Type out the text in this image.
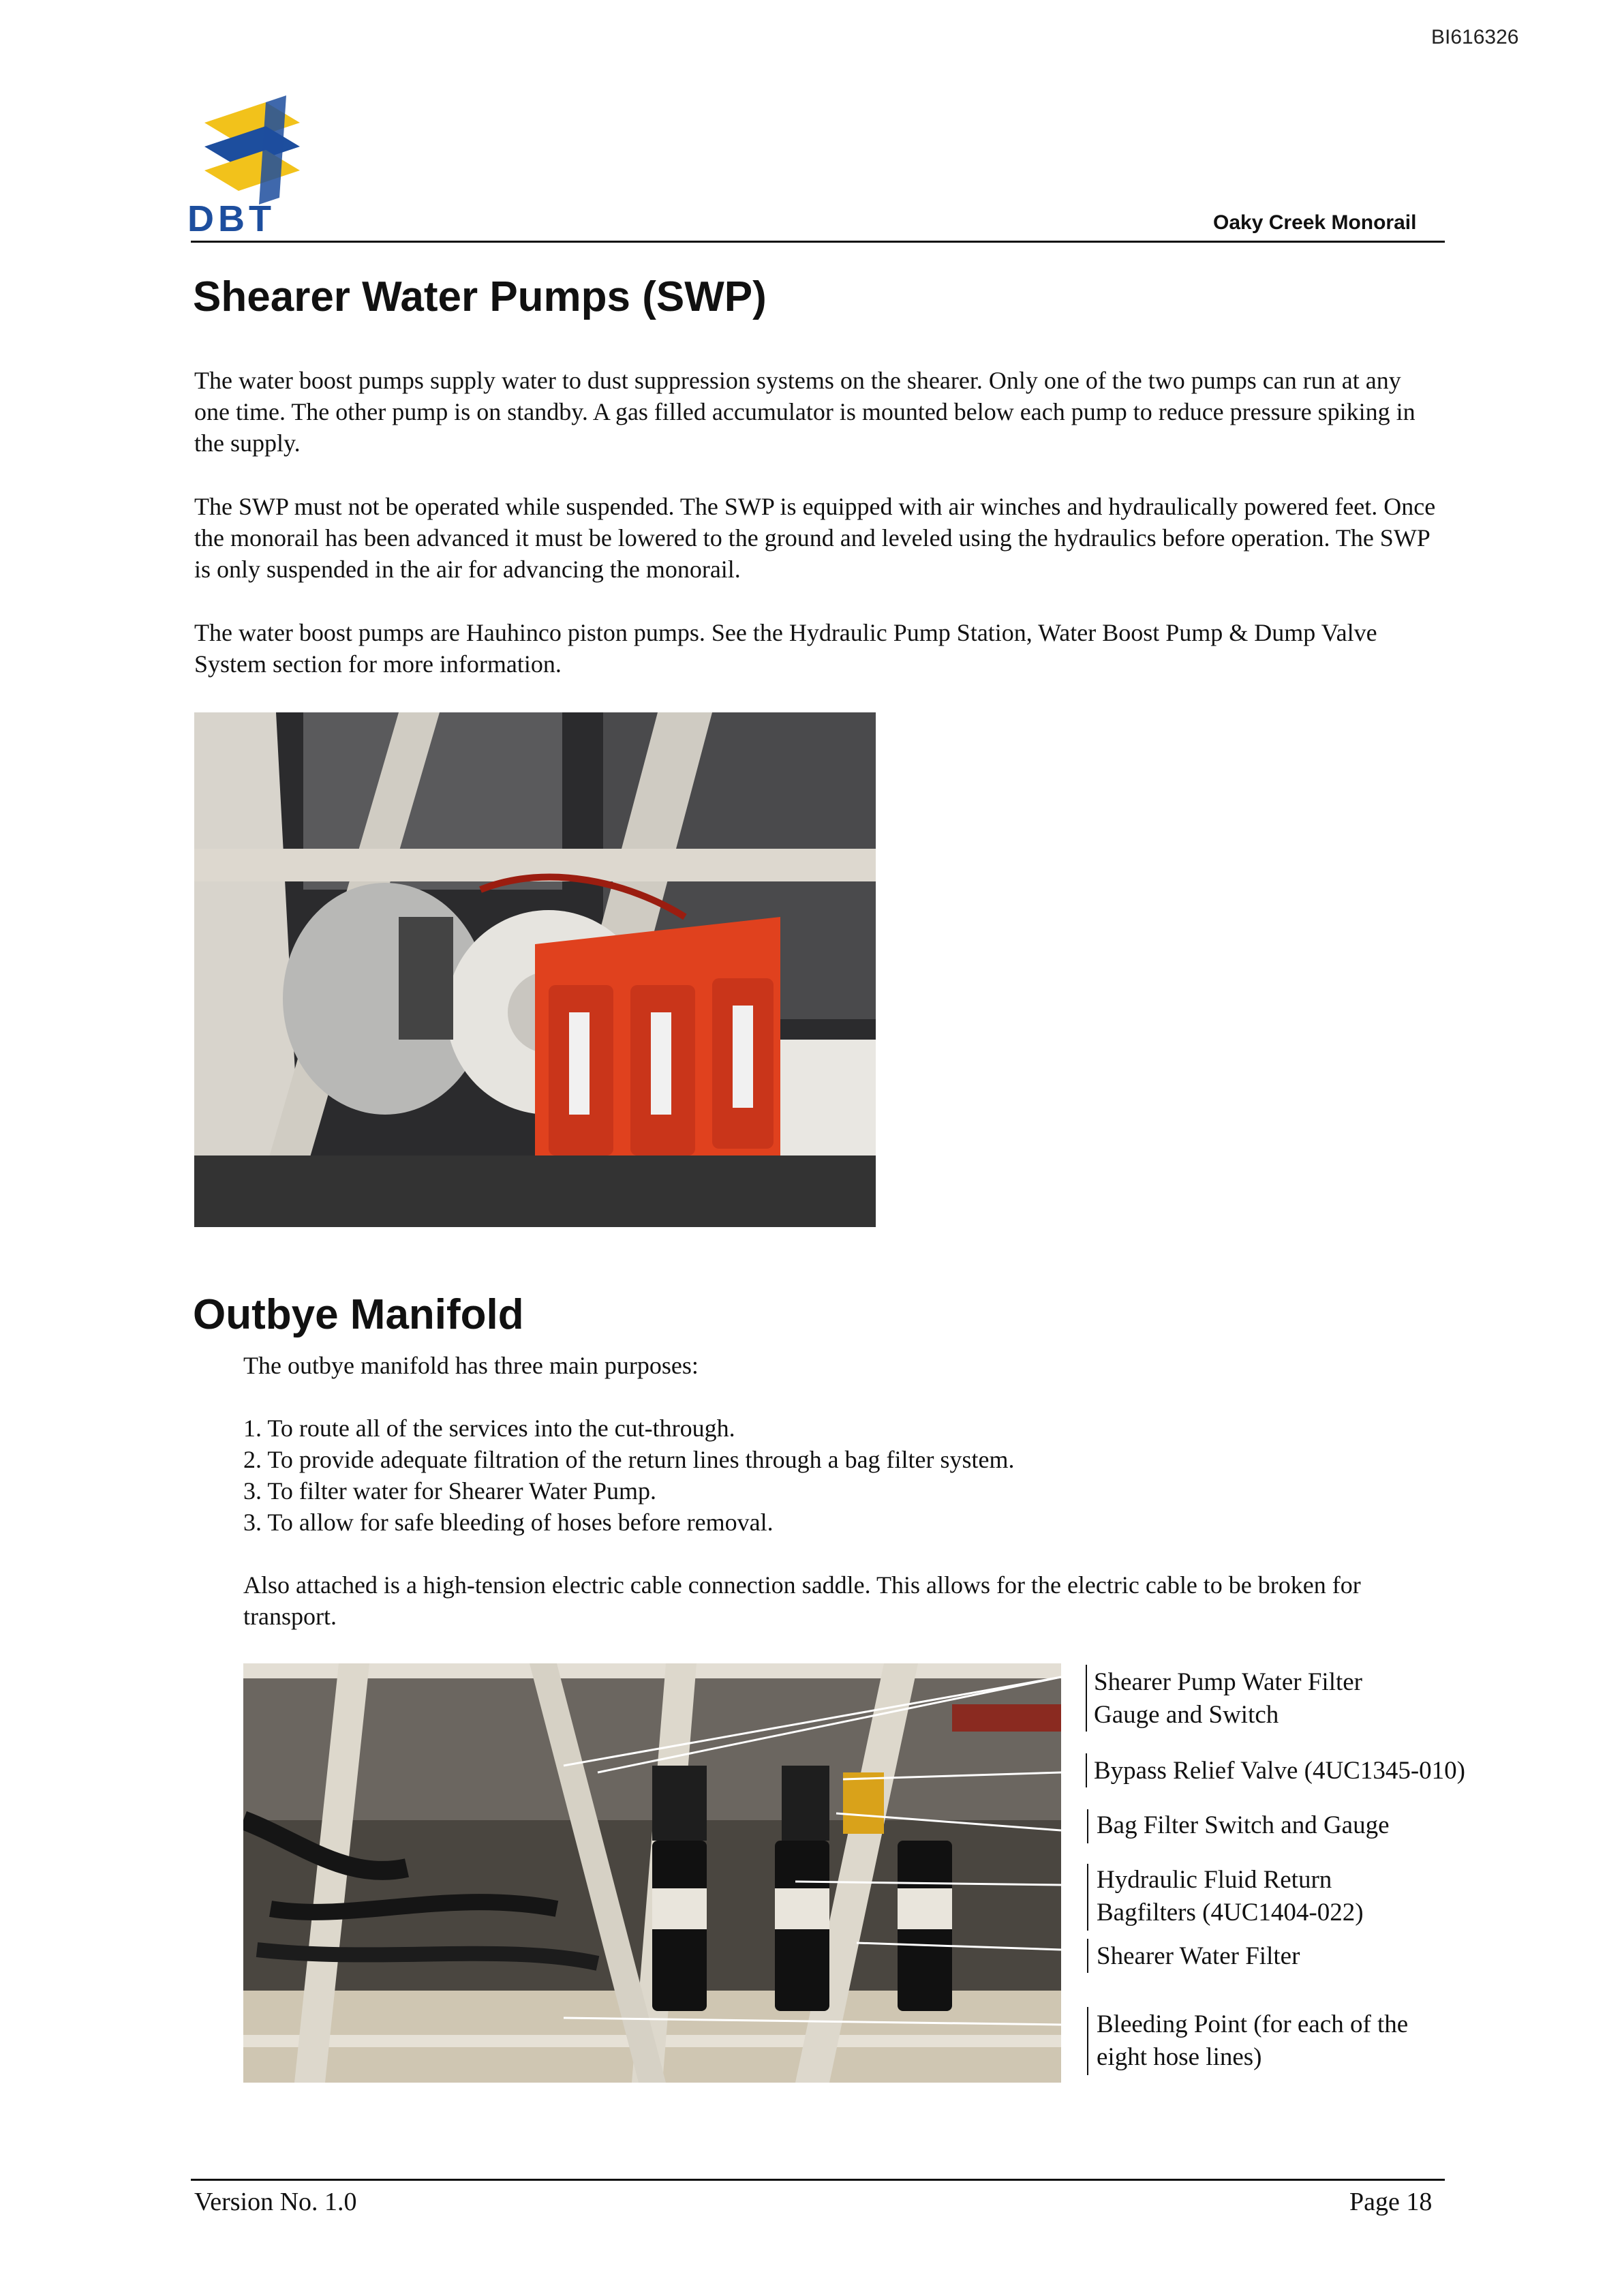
BI616326
DBT	Oaky Creek Monorail
Shearer Water Pumps (SWP)
The water boost pumps supply water to dust suppression systems on the shearer. Only one of the two pumps can run at any one time. The other pump is on standby. A gas filled accumulator is mounted below each pump to reduce pressure spiking in the supply.
The SWP must not be operated while suspended. The SWP is equipped with air winches and hydraulically powered feet. Once the monorail has been advanced it must be lowered to the ground and leveled using the hydraulics before operation. The SWP is only suspended in the air for advancing the monorail.
The water boost pumps are Hauhinco piston pumps. See the Hydraulic Pump Station, Water Boost Pump & Dump Valve System section for more information.
Outbye Manifold
The outbye manifold has three main purposes:
1. To route all of the services into the cut-through.
2. To provide adequate filtration of the return lines through a bag filter system.
3. To filter water for Shearer Water Pump.
3. To allow for safe bleeding of hoses before removal.
Also attached is a high-tension electric cable connection saddle. This allows for the electric cable to be broken for transport.
Shearer Pump Water Filter
Gauge and Switch
Bypass Relief Valve (4UC1345-010)
Bag Filter Switch and Gauge
Hydraulic Fluid Return
Bagfilters (4UC1404-022)
Shearer Water Filter
Bleeding Point (for each of the
eight hose lines)
Version No. 1.0	Page 18
